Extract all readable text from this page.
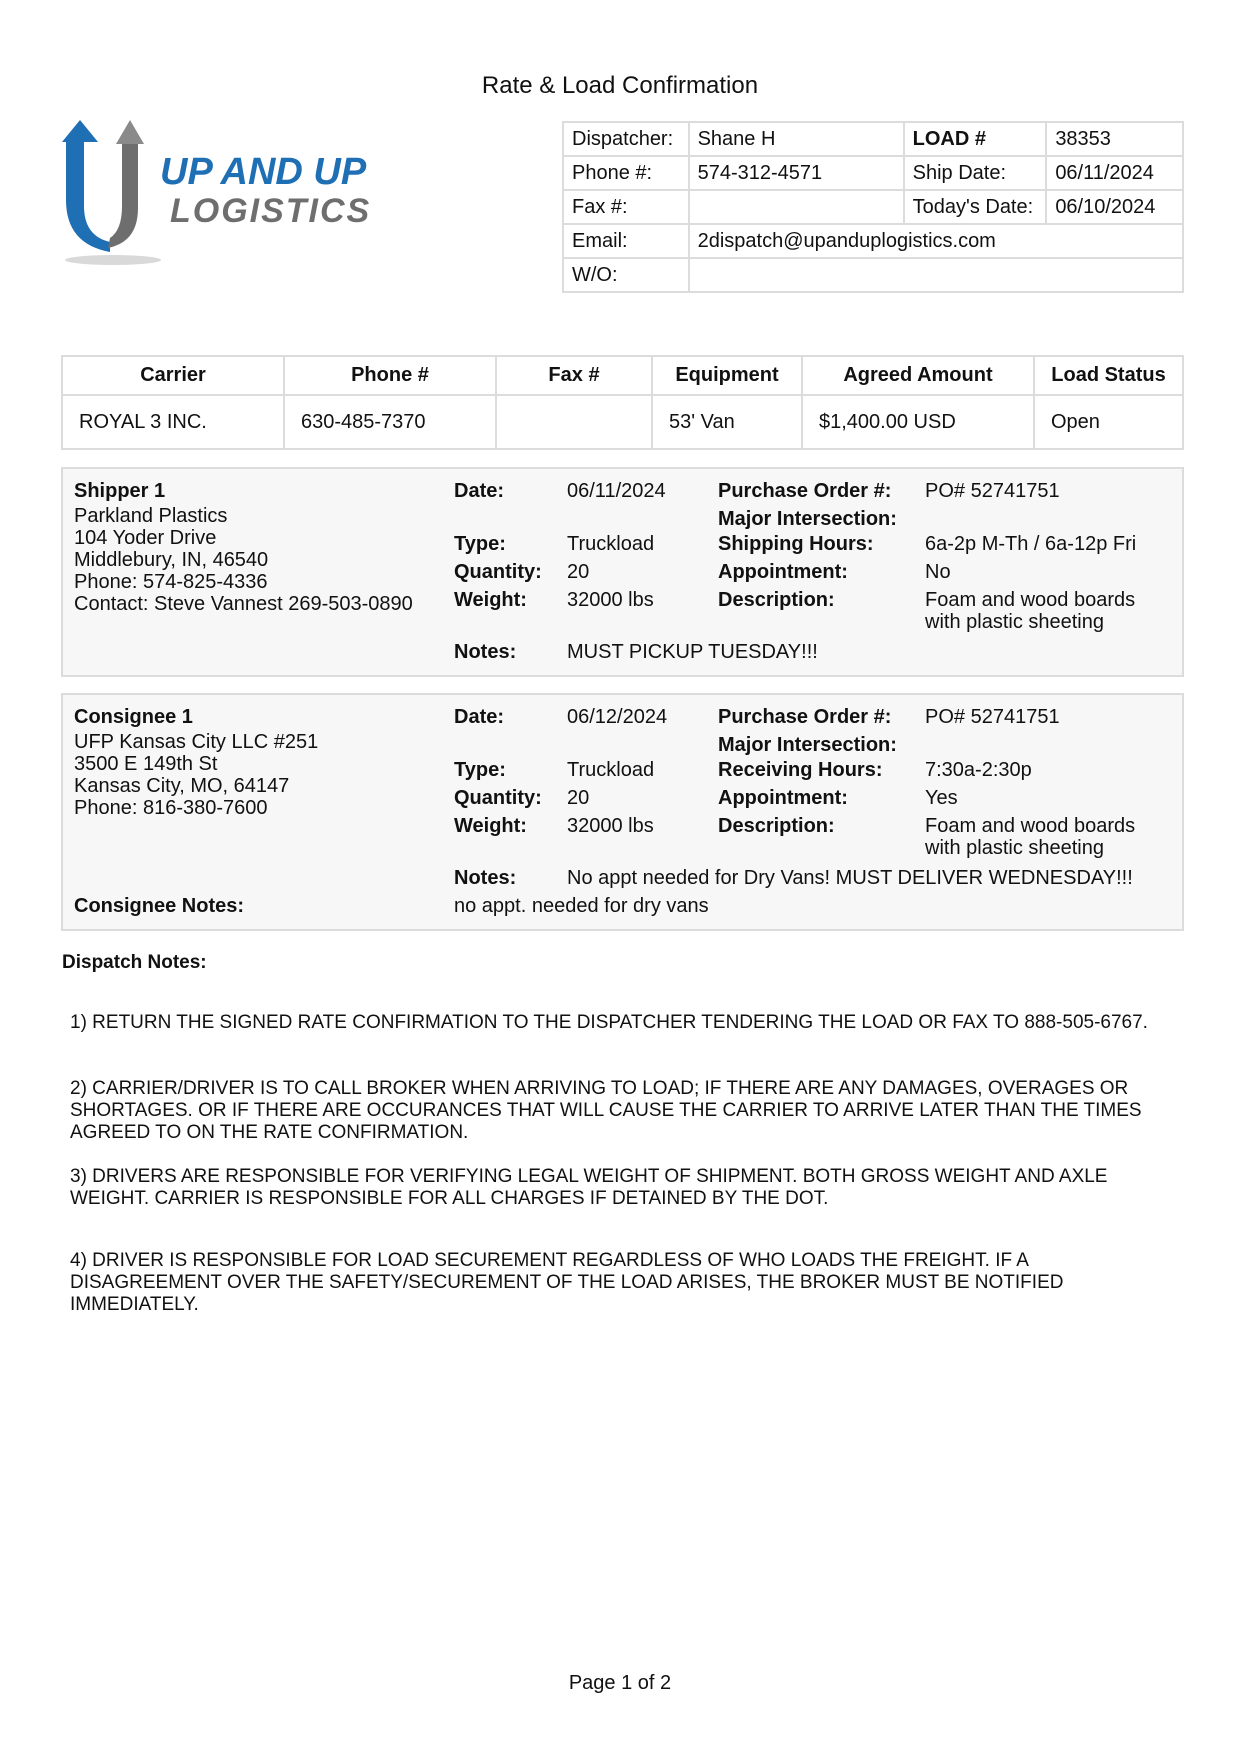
Rate & Load Confirmation
UP AND UP
LOGISTICS
Dispatcher:	Shane H	LOAD #	38353
Phone #:	574-312-4571	Ship Date:	06/11/2024
Fax #:		Today's Date:	06/10/2024
Email:	2dispatch@upanduplogistics.com		
W/O:			
Carrier	Phone #	Fax #	Equipment	Agreed Amount	Load Status
ROYAL 3 INC.	630-485-7370		53' Van	$1,400.00 USD	Open
Shipper 1
Parkland Plastics
104 Yoder Drive
Middlebury, IN, 46540
Phone: 574-825-4336
Contact: Steve Vannest 269-503-0890
Date:	06/11/2024
Type:	Truckload
Quantity: 20
Weight: 32000 lbs
Notes:	MUST PICKUP TUESDAY!!!
Purchase Order #: PO# 52741751
Major Intersection:
Shipping Hours:	6a-2p M-Th / 6a-12p Fri
Appointment:	No
Description:	Foam and wood boards
with plastic sheeting
Consignee 1
UFP Kansas City LLC #251
3500 E 149th St
Kansas City, MO, 64147
Phone: 816-380-7600
Date:	06/12/2024
Type:	Truckload
Quantity: 20
Weight: 32000 lbs
Notes:	No appt needed for Dry Vans! MUST DELIVER WEDNESDAY!!!
Consignee Notes:	no appt. needed for dry vans
Purchase Order #: PO# 52741751
Major Intersection:
Receiving Hours: 7:30a-2:30p
Appointment:	Yes
Description:	Foam and wood boards
with plastic sheeting
Dispatch Notes:
1) RETURN THE SIGNED RATE CONFIRMATION TO THE DISPATCHER TENDERING THE LOAD OR FAX TO 888-505-6767.
2) CARRIER/DRIVER IS TO CALL BROKER WHEN ARRIVING TO LOAD; IF THERE ARE ANY DAMAGES, OVERAGES OR SHORTAGES. OR IF THERE ARE OCCURANCES THAT WILL CAUSE THE CARRIER TO ARRIVE LATER THAN THE TIMES AGREED TO ON THE RATE CONFIRMATION.
3) DRIVERS ARE RESPONSIBLE FOR VERIFYING LEGAL WEIGHT OF SHIPMENT. BOTH GROSS WEIGHT AND AXLE WEIGHT. CARRIER IS RESPONSIBLE FOR ALL CHARGES IF DETAINED BY THE DOT.
4) DRIVER IS RESPONSIBLE FOR LOAD SECUREMENT REGARDLESS OF WHO LOADS THE FREIGHT. IF A DISAGREEMENT OVER THE SAFETY/SECUREMENT OF THE LOAD ARISES, THE BROKER MUST BE NOTIFIED IMMEDIATELY.
Page 1 of 2
